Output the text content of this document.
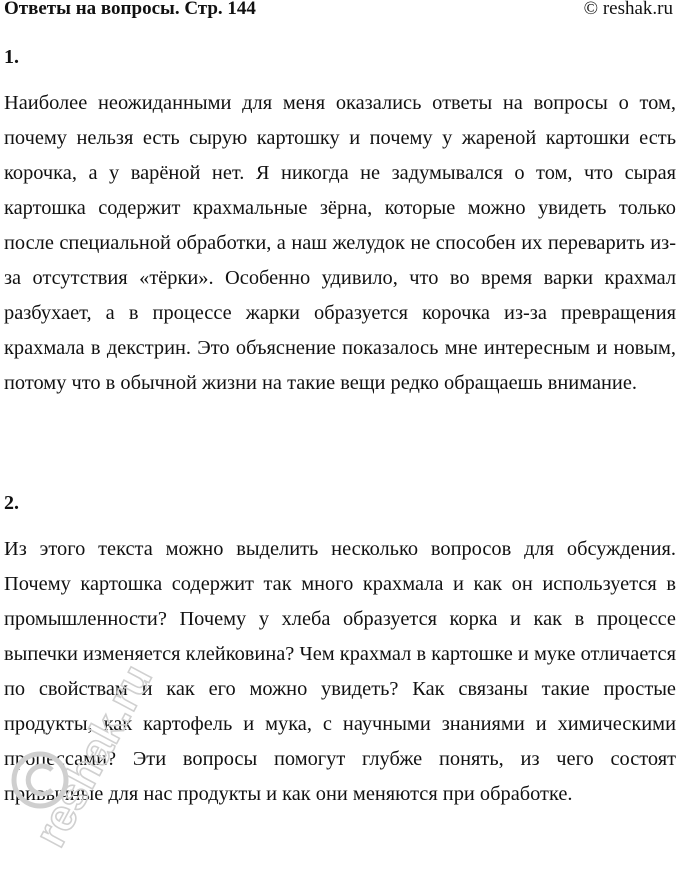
Ответы на вопросы. Стр. 144	© reshak.ru
1.
Наиболее неожиданными для меня оказались ответы на вопросы о том, почему нельзя есть сырую картошку и почему у жареной картошки есть корочка, а у варёной нет. Я никогда не задумывался о том, что сырая картошка содержит крахмальные зёрна, которые можно увидеть только после специальной обработки, а наш желудок не способен их переварить из-за отсутствия «тёрки». Особенно удивило, что во время варки крахмал разбухает, а в процессе жарки образуется корочка из-за превращения крахмала в декстрин. Это объяснение показалось мне интересным и новым, потому что в обычной жизни на такие вещи редко обращаешь внимание.
2.
Из этого текста можно выделить несколько вопросов для обсуждения. Почему картошка содержит так много крахмала и как он используется в промышленности? Почему у хлеба образуется корка и как в процессе выпечки изменяется клейковина? Чем крахмал в картошке и муке отличается по свойствам и как его можно увидеть? Как связаны такие простые продукты, как картофель и мука, с научными знаниями и химическими процессами? Эти вопросы помогут глубже понять, из чего состоят привычные для нас продукты и как они меняются при обработке.
reshak.ru
